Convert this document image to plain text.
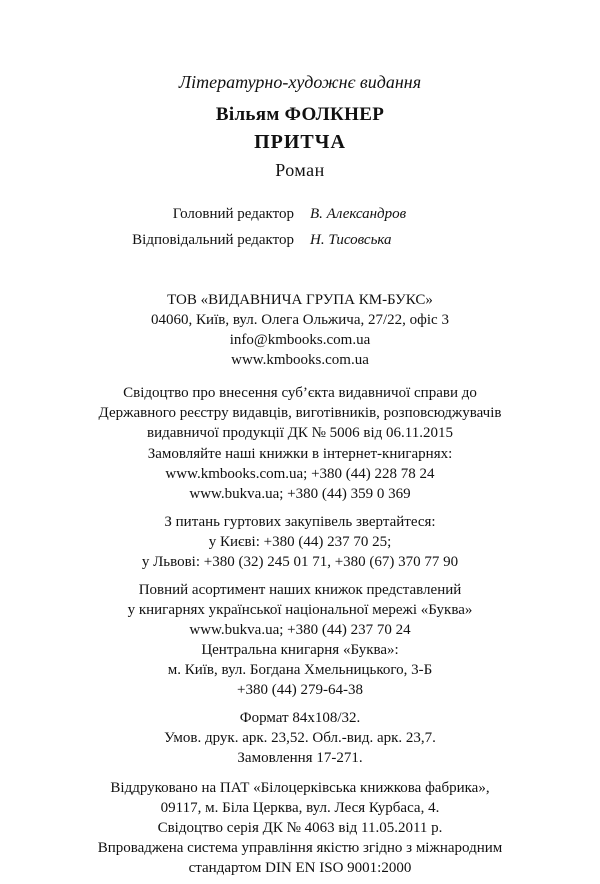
Літературно-художнє видання
Вільям ФОЛКНЕР
ПРИТЧА
Роман
Головний редактор В. Александров
Відповідальний редактор Н. Тисовська
ТОВ «ВИДАВНИЧА ГРУПА КМ-БУКС»
04060, Київ, вул. Олега Ольжича, 27/22, офіс 3
info@kmbooks.com.ua
www.kmbooks.com.ua
Свідоцтво про внесення суб’єкта видавничої справи до
Державного реєстру видавців, виготівників, розповсюджувачів
видавничої продукції ДК № 5006 від 06.11.2015
Замовляйте наші книжки в інтернет-книгарнях:
www.kmbooks.com.ua; +380 (44) 228 78 24
www.bukva.ua; +380 (44) 359 0 369
З питань гуртових закупівель звертайтеся:
у Києві: +380 (44) 237 70 25;
у Львові: +380 (32) 245 01 71, +380 (67) 370 77 90
Повний асортимент наших книжок представлений
у книгарнях української національної мережі «Буква»
www.bukva.ua; +380 (44) 237 70 24
Центральна книгарня «Буква»:
м. Київ, вул. Богдана Хмельницького, 3-Б
+380 (44) 279-64-38
Формат 84x108/32.
Умов. друк. арк. 23,52. Обл.-вид. арк. 23,7.
Замовлення 17-271.
Віддруковано на ПАТ «Білоцерківська книжкова фабрика»,
09117, м. Біла Церква, вул. Леся Курбаса, 4.
Свідоцтво серія ДК № 4063 від 11.05.2011 р.
Впроваджена система управління якістю згідно з міжнародним
стандартом DIN EN ISO 9001:2000
